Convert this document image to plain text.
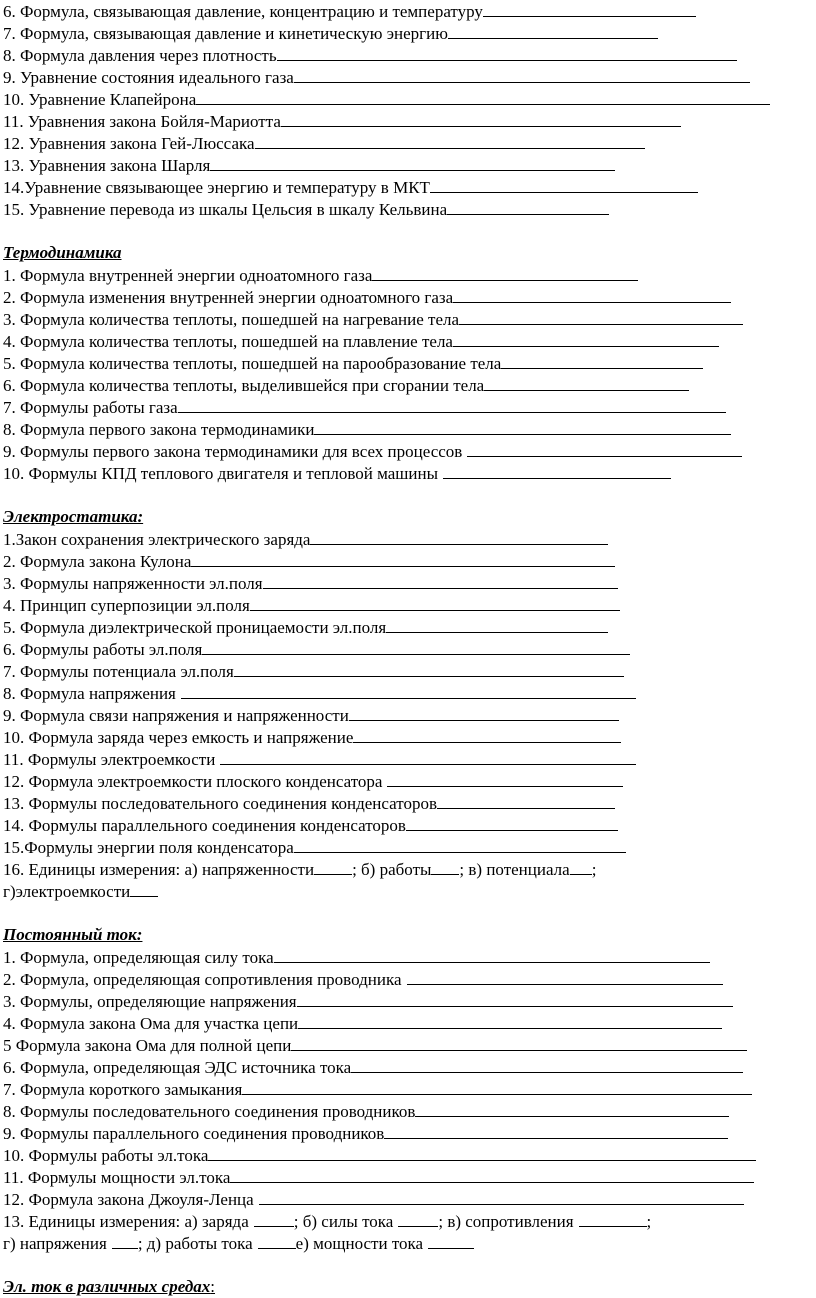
6. Формула, связывающая давление, концентрацию и температуру
7. Формула, связывающая давление и кинетическую энергию
8. Формула давления через плотность
9. Уравнение состояния идеального газа
10. Уравнение Клапейрона
11. Уравнения закона Бойля-Мариотта
12. Уравнения закона Гей-Люссака
13. Уравнения закона Шарля
14.Уравнение связывающее энергию и температуру в МКТ
15. Уравнение перевода из шкалы Цельсия в шкалу Кельвина
Термодинамика
1. Формула внутренней энергии одноатомного газа
2. Формула изменения внутренней энергии одноатомного газа
3. Формула количества теплоты, пошедшей на нагревание тела
4. Формула количества теплоты, пошедшей на плавление тела
5. Формула количества теплоты, пошедшей на парообразование тела
6. Формула количества теплоты, выделившейся при сгорании тела
7. Формулы работы газа
8. Формула первого закона термодинамики
9. Формулы первого закона термодинамики для всех процессов
10. Формулы КПД теплового двигателя и тепловой машины
Электростатика:
1.Закон сохранения электрического заряда
2. Формула закона Кулона
3. Формулы напряженности эл.поля
4. Принцип суперпозиции эл.поля
5. Формула диэлектрической проницаемости эл.поля
6. Формулы работы эл.поля
7. Формулы потенциала эл.поля
8. Формула напряжения
9. Формула связи напряжения и напряженности
10. Формула заряда через емкость и напряжение
11. Формулы электроемкости
12. Формула электроемкости плоского конденсатора
13. Формулы последовательного соединения конденсаторов
14. Формулы параллельного соединения конденсаторов
15.Формулы энергии поля конденсатора
16. Единицы измерения: а) напряженности ; б) работы ; в) потенциала ;
г)электроемкости
Постоянный ток:
1. Формула, определяющая силу тока
2. Формула, определяющая сопротивления проводника
3. Формулы, определяющие напряжения
4. Формула закона Ома для участка цепи
5 Формула закона Ома для полной цепи
6. Формула, определяющая ЭДС источника тока
7. Формула короткого замыкания
8. Формулы последовательного соединения проводников
9. Формулы параллельного соединения проводников
10. Формулы работы эл.тока
11. Формулы мощности эл.тока
12. Формула закона Джоуля-Ленца
13. Единицы измерения: а) заряда	; б) силы тока	; в) сопротивления	;
г) напряжения ; д) работы тока	е) мощности тока
Эл. ток в различных средах:
